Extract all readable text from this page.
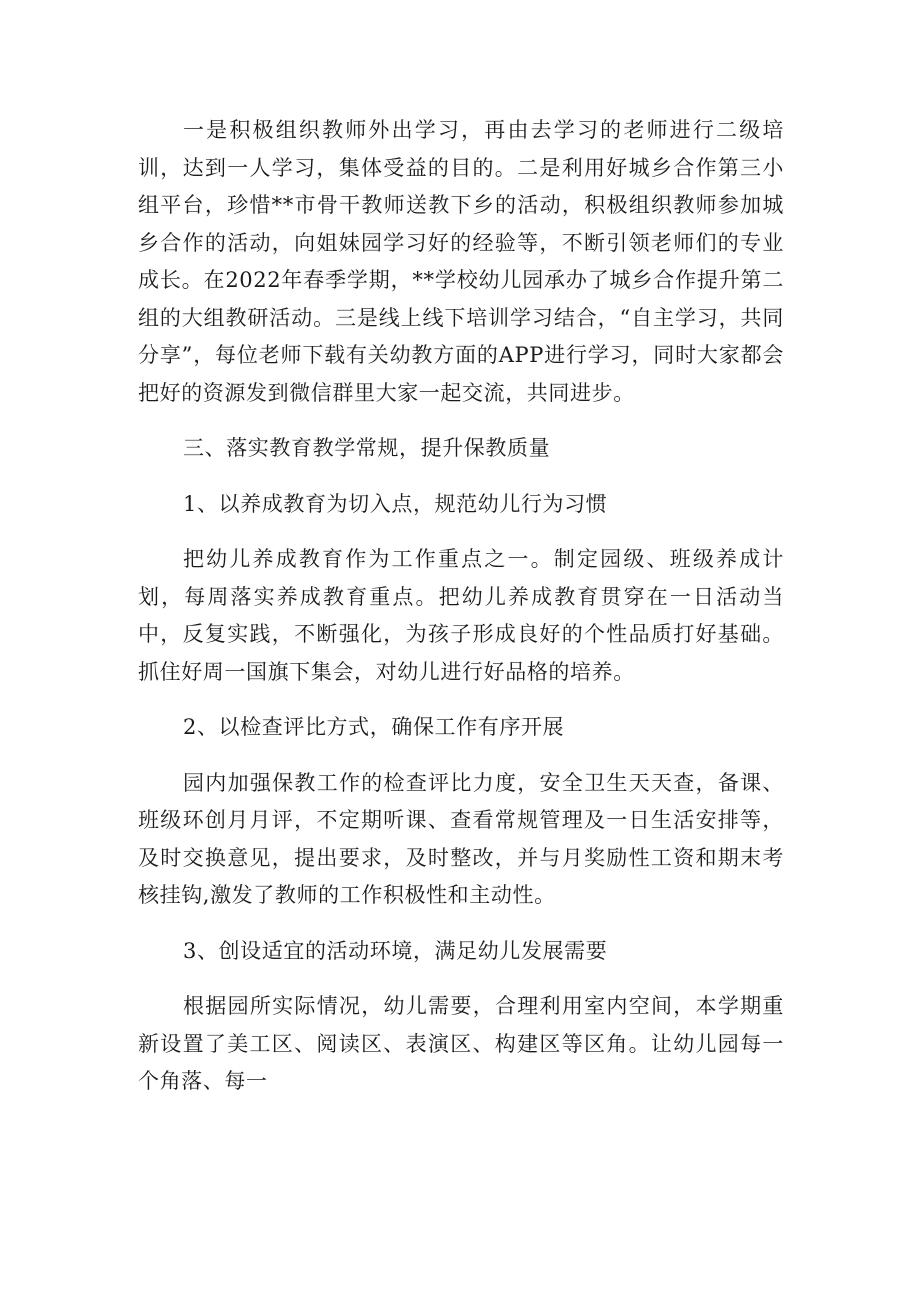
一是积极组织教师外出学习，再由去学习的老师进行二级培训，达到一人学习，集体受益的目的。二是利用好城乡合作第三小组平台，珍惜**市骨干教师送教下乡的活动，积极组织教师参加城乡合作的活动，向姐妹园学习好的经验等，不断引领老师们的专业成长。在2022年春季学期，**学校幼儿园承办了城乡合作提升第二组的大组教研活动。三是线上线下培训学习结合，“自主学习，共同分享”，每位老师下载有关幼教方面的APP进行学习，同时大家都会把好的资源发到微信群里大家一起交流，共同进步。

三、落实教育教学常规，提升保教质量

1、以养成教育为切入点，规范幼儿行为习惯

把幼儿养成教育作为工作重点之一。制定园级、班级养成计划，每周落实养成教育重点。把幼儿养成教育贯穿在一日活动当中，反复实践，不断强化，为孩子形成良好的个性品质打好基础。抓住好周一国旗下集会，对幼儿进行好品格的培养。

2、以检查评比方式，确保工作有序开展

园内加强保教工作的检查评比力度，安全卫生天天查，备课、班级环创月月评，不定期听课、查看常规管理及一日生活安排等，及时交换意见，提出要求，及时整改，并与月奖励性工资和期末考核挂钩,激发了教师的工作积极性和主动性。

3、创设适宜的活动环境，满足幼儿发展需要

根据园所实际情况，幼儿需要，合理利用室内空间，本学期重新设置了美工区、阅读区、表演区、构建区等区角。让幼儿园每一个角落、每一
